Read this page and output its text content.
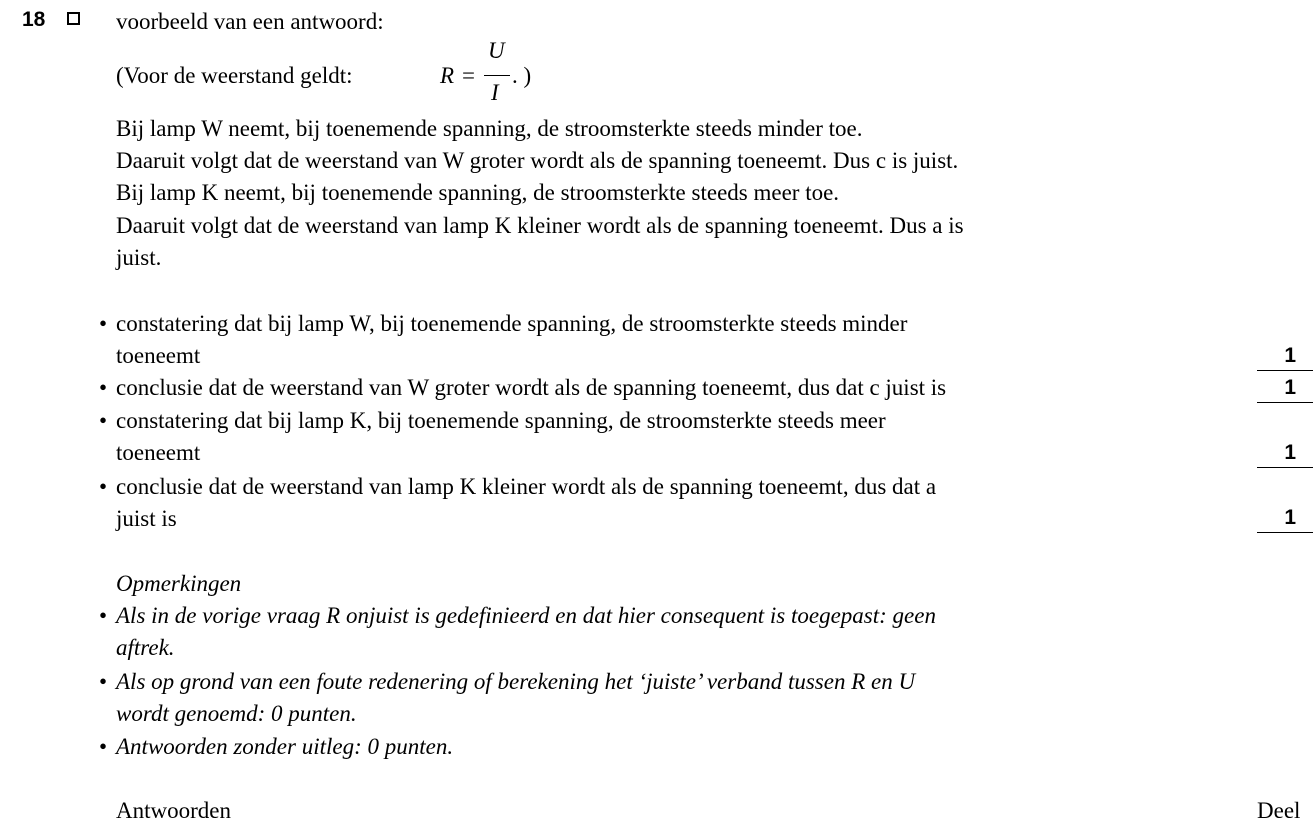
18	voorbeeld van een antwoord:
(Voor de weerstand geldt:	R =
U
I
. )
Bij lamp W neemt, bij toenemende spanning, de stroomsterkte steeds minder toe.
Daaruit volgt dat de weerstand van W groter wordt als de spanning toeneemt. Dus c is juist.
Bij lamp K neemt, bij toenemende spanning, de stroomsterkte steeds meer toe.
Daaruit volgt dat de weerstand van lamp K kleiner wordt als de spanning toeneemt. Dus a is
juist.
• constatering dat bij lamp W, bij toenemende spanning, de stroomsterkte steeds minder
toeneemt	1
• conclusie dat de weerstand van W groter wordt als de spanning toeneemt, dus dat c juist is	1
• constatering dat bij lamp K, bij toenemende spanning, de stroomsterkte steeds meer
toeneemt	1
• conclusie dat de weerstand van lamp K kleiner wordt als de spanning toeneemt, dus dat a
juist is	1
Opmerkingen
• Als in de vorige vraag R onjuist is gedefinieerd en dat hier consequent is toegepast: geen
aftrek.
• Als op grond van een foute redenering of berekening het ‘juiste’ verband tussen R en U
wordt genoemd: 0 punten.
• Antwoorden zonder uitleg: 0 punten.
Antwoorden	Deel
